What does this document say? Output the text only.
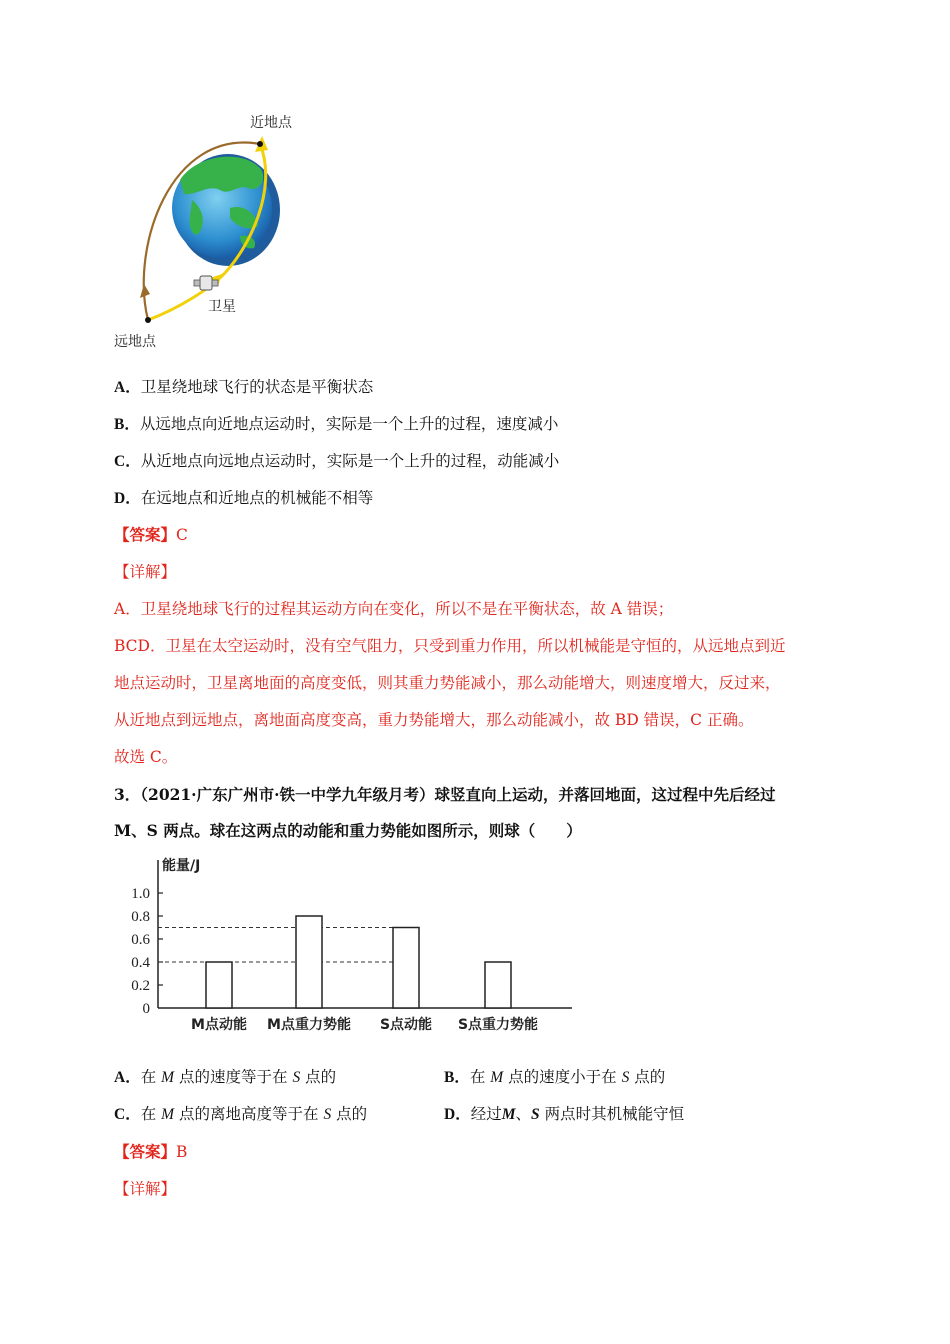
近地点
远地点
卫星
A．卫星绕地球飞行的状态是平衡状态
B．从远地点向近地点运动时，实际是一个上升的过程，速度减小
C．从近地点向远地点运动时，实际是一个上升的过程，动能减小
D．在远地点和近地点的机械能不相等
【答案】C
【详解】
A．卫星绕地球飞行的过程其运动方向在变化，所以不是在平衡状态，故 A 错误；
BCD．卫星在太空运动时，没有空气阻力，只受到重力作用，所以机械能是守恒的，从远地点到近
地点运动时，卫星离地面的高度变低，则其重力势能减小，那么动能增大，则速度增大，反过来，
从近地点到远地点，离地面高度变高，重力势能增大，那么动能减小，故 BD 错误，C 正确。
故选 C。
3．（2021·广东广州市·铁一中学九年级月考）球竖直向上运动，并落回地面，这过程中先后经过
M、S 两点。球在这两点的动能和重力势能如图所示，则球（　　）
能量/J
0
0.2
0.4
0.6
0.8
1.0
M点动能 M点重力势能 S点动能 S点重力势能
A．在 M 点的速度等于在 S 点的	B．在 M 点的速度小于在 S 点的
C．在 M 点的离地高度等于在 S 点的	D．经过M、S 两点时其机械能守恒
【答案】B
【详解】
